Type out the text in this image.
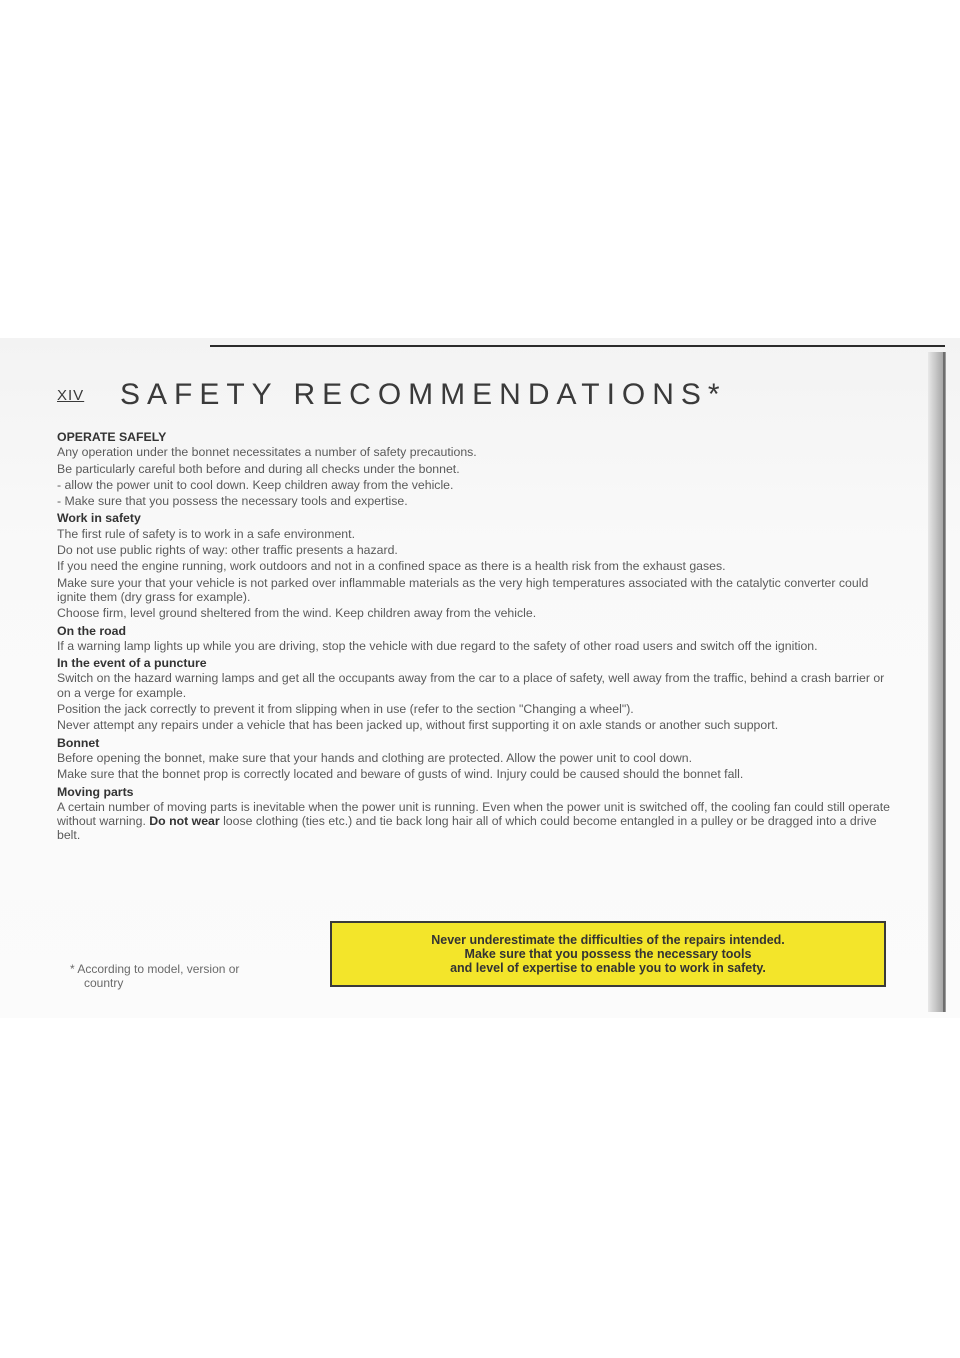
XIV SAFETY RECOMMENDATIONS*

OPERATE SAFELY

Any operation under the bonnet necessitates a number of safety precautions.

Be particularly careful both before and during all checks under the bonnet.

- allow the power unit to cool down. Keep children away from the vehicle.

- Make sure that you possess the necessary tools and expertise.

Work in safety

The first rule of safety is to work in a safe environment.

Do not use public rights of way: other traffic presents a hazard.

If you need the engine running, work outdoors and not in a confined space as there is a health risk from the exhaust gases.

Make sure your that your vehicle is not parked over inflammable materials as the very high temperatures associated with the catalytic converter could ignite them (dry grass for example).

Choose firm, level ground sheltered from the wind. Keep children away from the vehicle.

On the road

If a warning lamp lights up while you are driving, stop the vehicle with due regard to the safety of other road users and switch off the ignition.

In the event of a puncture

Switch on the hazard warning lamps and get all the occupants away from the car to a place of safety, well away from the traffic, behind a crash barrier or on a verge for example.

Position the jack correctly to prevent it from slipping when in use (refer to the section "Changing a wheel").

Never attempt any repairs under a vehicle that has been jacked up, without first supporting it on axle stands or another such support.

Bonnet

Before opening the bonnet, make sure that your hands and clothing are protected. Allow the power unit to cool down.

Make sure that the bonnet prop is correctly located and beware of gusts of wind. Injury could be caused should the bonnet fall.

Moving parts

A certain number of moving parts is inevitable when the power unit is running. Even when the power unit is switched off, the cooling fan could still operate without warning. Do not wear loose clothing (ties etc.) and tie back long hair all of which could become entangled in a pulley or be dragged into a drive belt.

* According to model, version or
country
Never underestimate the difficulties of the repairs intended.
Make sure that you possess the necessary tools
and level of expertise to enable you to work in safety.
